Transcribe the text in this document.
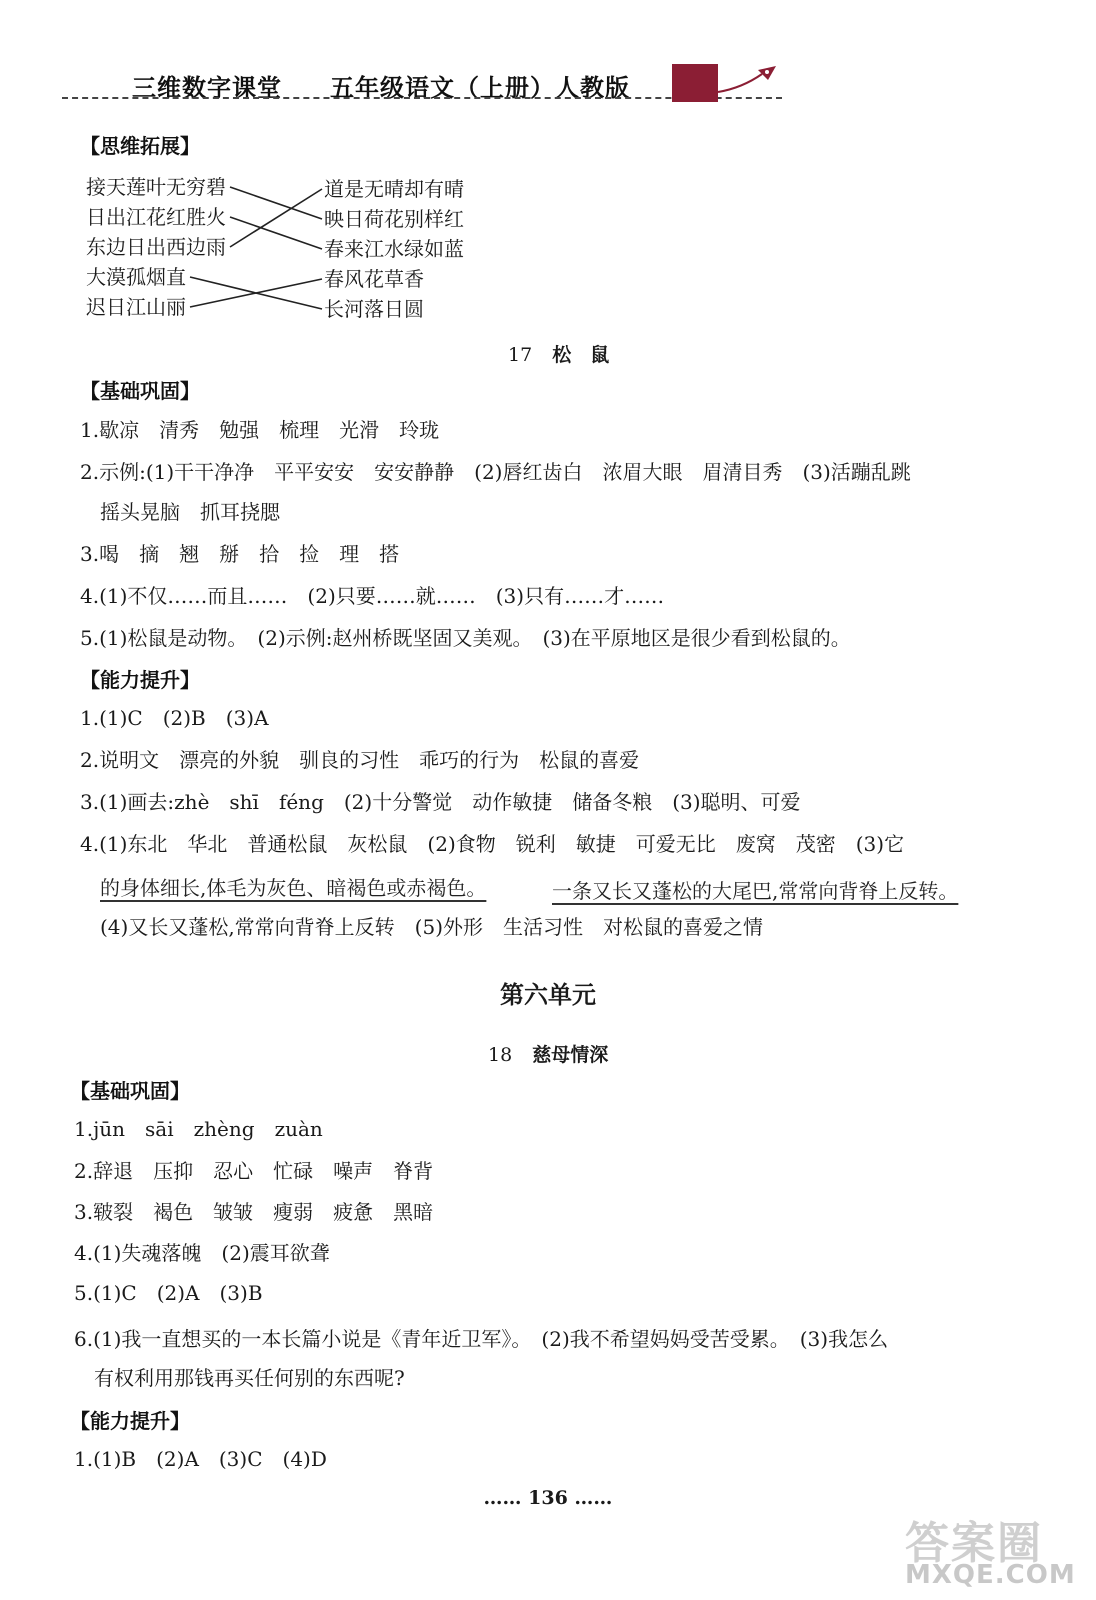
三维数字课堂 五年级语文（上册）人教版
【思维拓展】
接天莲叶无穷碧
日出江花红胜火
东边日出西边雨
大漠孤烟直
迟日江山丽
道是无晴却有晴
映日荷花别样红
春来江水绿如蓝
春风花草香
长河落日圆
17 松　鼠
【基础巩固】
1.歇凉　清秀　勉强　梳理　光滑　玲珑
2.示例:(1)干干净净　平平安安　安安静静　(2)唇红齿白　浓眉大眼　眉清目秀　(3)活蹦乱跳
　摇头晃脑　抓耳挠腮
3.喝　摘　翘　掰　拾　捡　理　搭
4.(1)不仅……而且……　(2)只要……就……　(3)只有……才……
5.(1)松鼠是动物。　(2)示例:赵州桥既坚固又美观。　(3)在平原地区是很少看到松鼠的。
【能力提升】
1.(1)C　(2)B　(3)A
2.说明文　漂亮的外貌　驯良的习性　乖巧的行为　松鼠的喜爱
3.(1)画去:zhè　shī　féng　(2)十分警觉　动作敏捷　储备冬粮　(3)聪明、可爱
4.(1)东北　华北　普通松鼠　灰松鼠　(2)食物　锐利　敏捷　可爱无比　废窝　茂密　(3)它
的身体细长,体毛为灰色、暗褐色或赤褐色。	一条又长又蓬松的大尾巴,常常向背脊上反转。
　(4)又长又蓬松,常常向背脊上反转　(5)外形　生活习性　对松鼠的喜爱之情
第六单元
18 慈母情深
【基础巩固】
1.jūn　sāi　zhèng　zuàn
2.辞退　压抑　忍心　忙碌　噪声　脊背
3.皲裂　褐色　皱皱　瘦弱　疲惫　黑暗
4.(1)失魂落魄　(2)震耳欲聋
5.(1)C　(2)A　(3)B
6.(1)我一直想买的一本长篇小说是《青年近卫军》。　(2)我不希望妈妈受苦受累。　(3)我怎么
　有权利用那钱再买任何别的东西呢?
【能力提升】
1.(1)B　(2)A　(3)C　(4)D
…… 136 ……
答案圈
MXQE.COM
